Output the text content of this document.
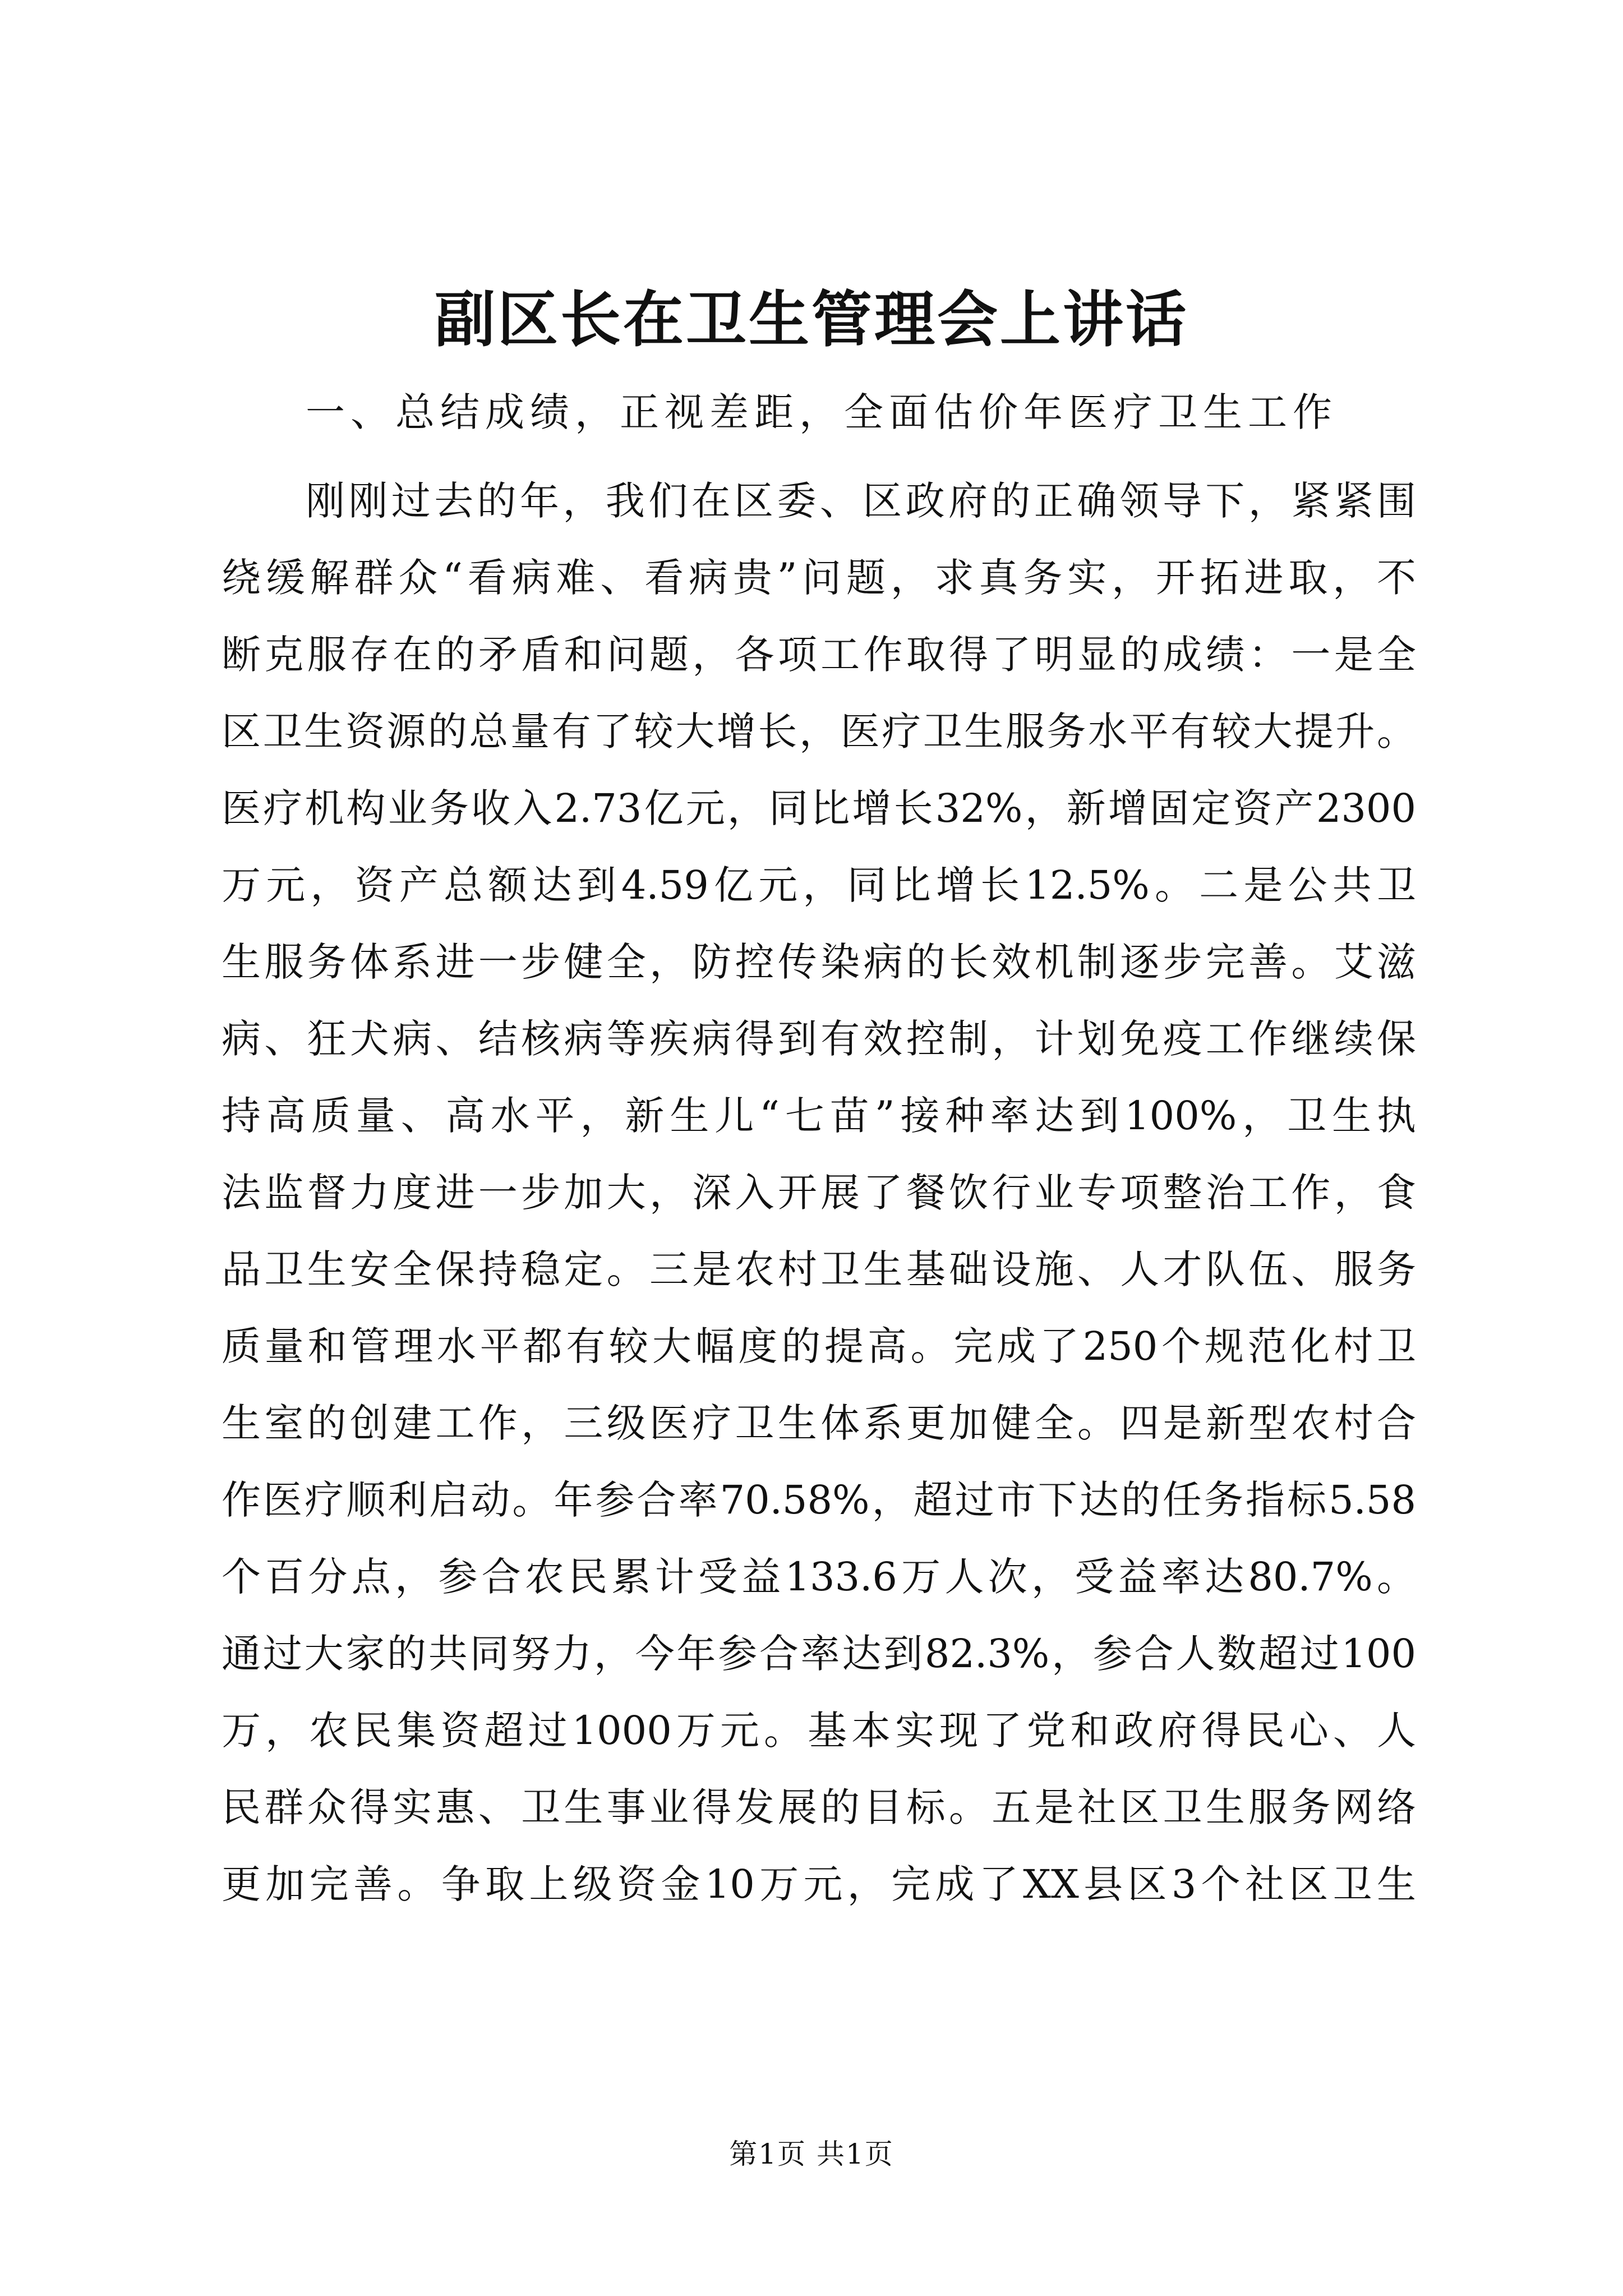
副区长在卫生管理会上讲话

一、总结成绩，正视差距，全面估价年医疗卫生工作

刚刚过去的年，我们在区委、区政府的正确领导下，紧紧围
绕缓解群众“看病难、看病贵”问题，求真务实，开拓进取，不
断克服存在的矛盾和问题，各项工作取得了明显的成绩：一是全
区卫生资源的总量有了较大增长，医疗卫生服务水平有较大提升。
医疗机构业务收入2.73亿元，同比增长32%，新增固定资产2300
万元，资产总额达到4.59亿元，同比增长12.5%。二是公共卫
生服务体系进一步健全，防控传染病的长效机制逐步完善。艾滋
病、狂犬病、结核病等疾病得到有效控制，计划免疫工作继续保
持高质量、高水平，新生儿“七苗”接种率达到100%，卫生执
法监督力度进一步加大，深入开展了餐饮行业专项整治工作，食
品卫生安全保持稳定。三是农村卫生基础设施、人才队伍、服务
质量和管理水平都有较大幅度的提高。完成了250个规范化村卫
生室的创建工作，三级医疗卫生体系更加健全。四是新型农村合
作医疗顺利启动。年参合率70.58%，超过市下达的任务指标5.58
个百分点，参合农民累计受益133.6万人次，受益率达80.7%。
通过大家的共同努力，今年参合率达到82.3%，参合人数超过100
万，农民集资超过1000万元。基本实现了党和政府得民心、人
民群众得实惠、卫生事业得发展的目标。五是社区卫生服务网络
更加完善。争取上级资金10万元，完成了XX县区3个社区卫生
第1页 共1页
